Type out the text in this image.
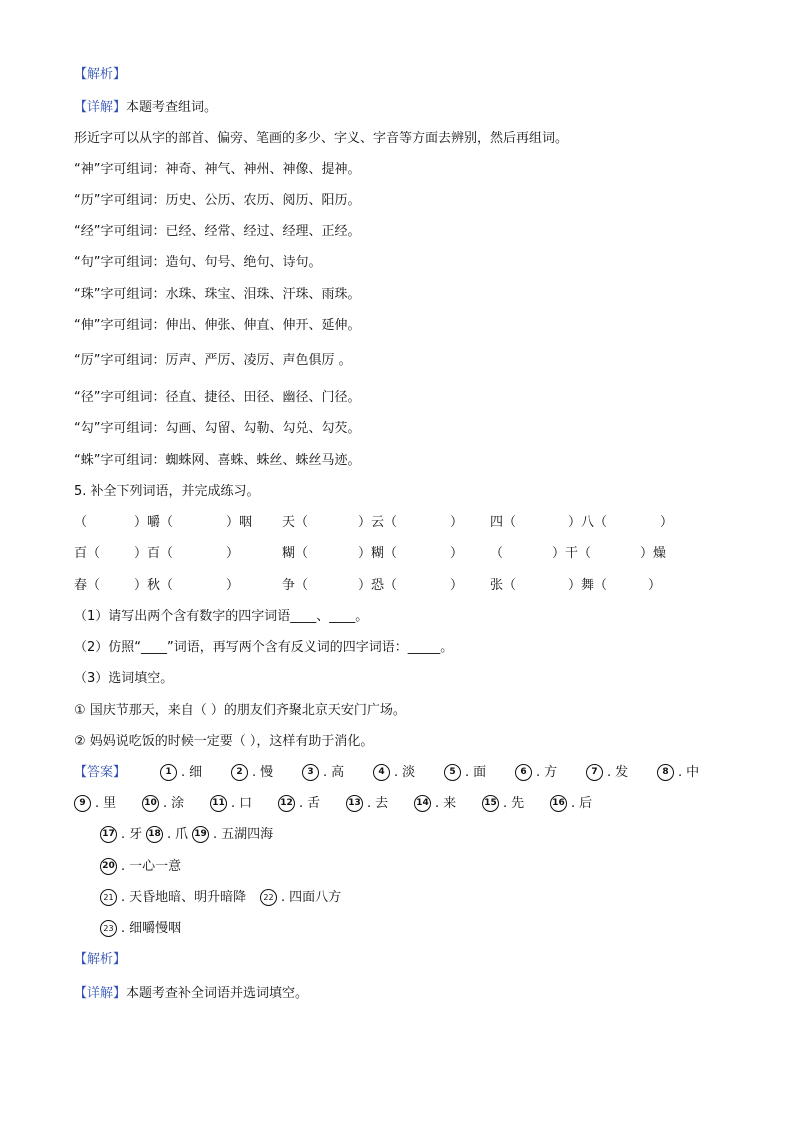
【解析】
【详解】本题考查组词。
形近字可以从字的部首、偏旁、笔画的多少、字义、字音等方面去辨别，然后再组词。
“神”字可组词：神奇、神气、神州、神像、提神。
“历”字可组词：历史、公历、农历、阅历、阳历。
“经”字可组词：已经、经常、经过、经理、正经。
“句”字可组词：造句、句号、绝句、诗句。
“珠”字可组词：水珠、珠宝、泪珠、汗珠、雨珠。
“伸”字可组词：伸出、伸张、伸直、伸开、延伸。
“厉”字可组词：厉声、严厉、凌厉、声色俱厉 。
“径”字可组词：径直、捷径、田径、幽径、门径。
“勾”字可组词：勾画、勾留、勾勒、勾兑、勾芡。
“蛛”字可组词：蜘蛛网、喜蛛、蛛丝、蛛丝马迹。
5. 补全下列词语，并完成练习。
（	）嚼（	）咽 天（	）云（	） 四（	）八（	）
百（	）百（	）	糊（	）糊（	） （	）干（	）燥
春（	）秋（	）	争（	）恐（	） 张（	）舞（	）
（1）请写出两个含有数字的四字词语____、____。
（2）仿照“____”词语，再写两个含有反义词的四字词语：_____。
（3）选词填空。
① 国庆节那天，来自（ ）的朋友们齐聚北京天安门广场。
② 妈妈说吃饭的时候一定要（ ），这样有助于消化。
【答案】	1 . 细	2 . 慢	3 . 高	4 . 淡	5 . 面	6 . 方	7 . 发	8 . 中
9 . 里	10 . 涂	11 . 口	12 . 舌	13 . 去	14 . 来	15 . 先	16 . 后
17 . 牙 18 . 爪 19 . 五湖四海
20 . 一心一意
21 . 天昏地暗、明升暗降	22 . 四面八方
23 . 细嚼慢咽
【解析】
【详解】本题考查补全词语并选词填空。
